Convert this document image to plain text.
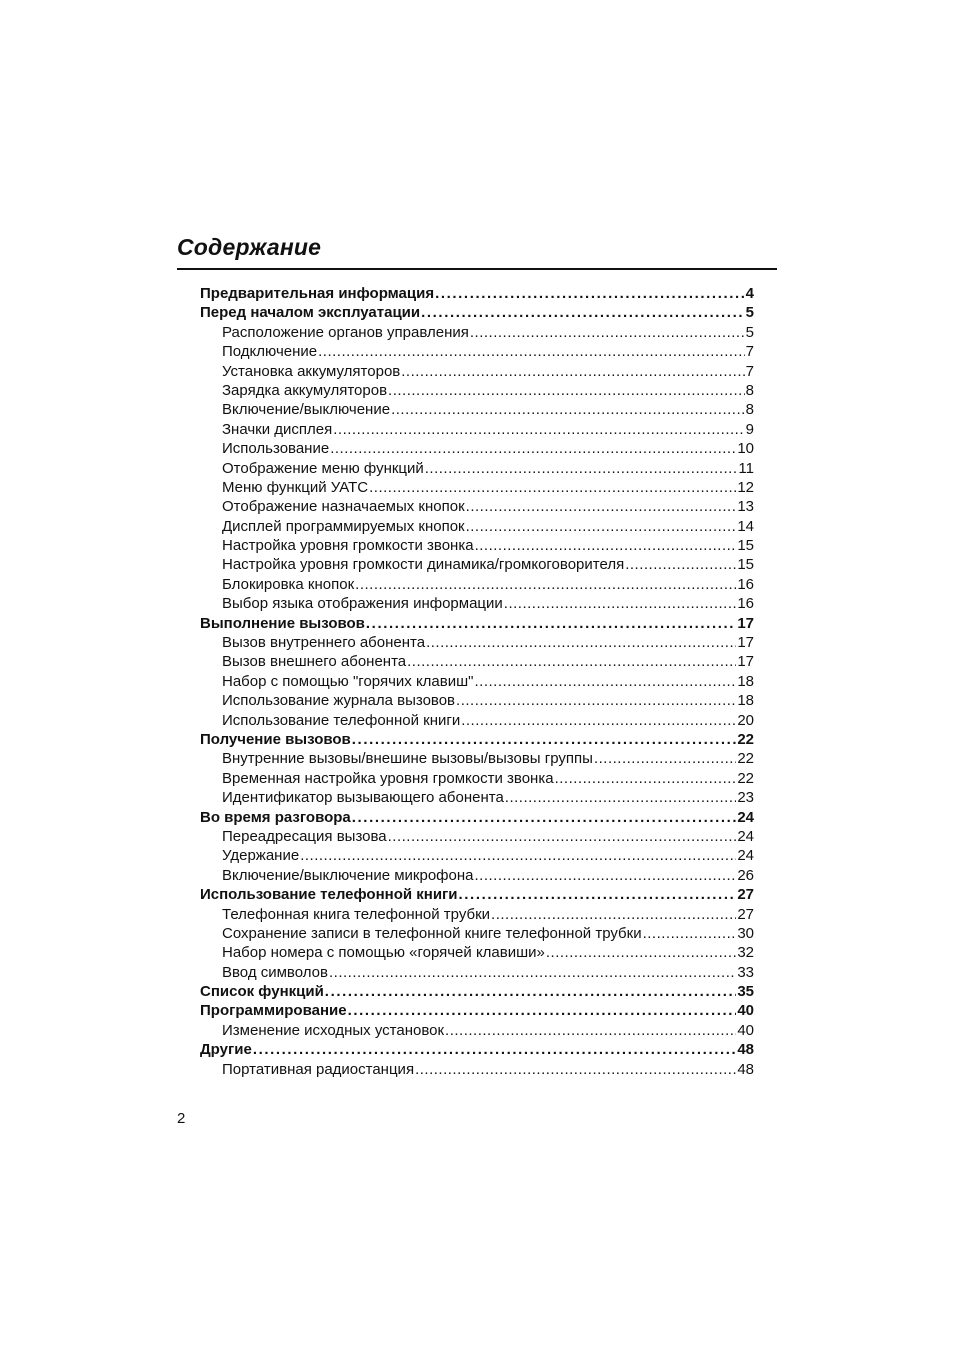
Содержание
Предварительная информация .....	4
Перед началом эксплуатации .....	5
Расположение органов управления .....	5
Подключение .....	7
Установка аккумуляторов .....	7
Зарядка аккумуляторов .....	8
Включение/выключение .....	8
Значки дисплея .....	9
Использование .....	10
Отображение меню функций .....	11
Меню функций УАТС .....	12
Отображение назначаемых кнопок .....	13
Дисплей программируемых кнопок .....	14
Настройка уровня громкости звонка .....	15
Настройка уровня громкости динамика/громкоговорителя .....	15
Блокировка кнопок .....	16
Выбор языка отображения информации .....	16
Выполнение вызовов .....	17
Вызов внутреннего абонента .....	17
Вызов внешнего абонента .....	17
Набор с помощью "горячих клавиш" .....	18
Использование журнала вызовов .....	18
Использование телефонной книги .....	20
Получение вызовов .....	22
Внутренние вызовы/внешине вызовы/вызовы группы .....	22
Временная настройка уровня громкости звонка .....	22
Идентификатор вызывающего абонента .....	23
Во время разговора .....	24
Переадресация вызова .....	24
Удержание .....	24
Включение/выключение микрофона .....	26
Использование телефонной книги .....	27
Телефонная книга телефонной трубки .....	27
Сохранение записи в телефонной книге телефонной трубки .....	30
Набор номера с помощью «горячей клавиши» .....	32
Ввод символов .....	33
Список функций .....	35
Программирование .....	40
Изменение исходных установок .....	40
Другие .....	48
Портативная радиостанция .....	48
2
